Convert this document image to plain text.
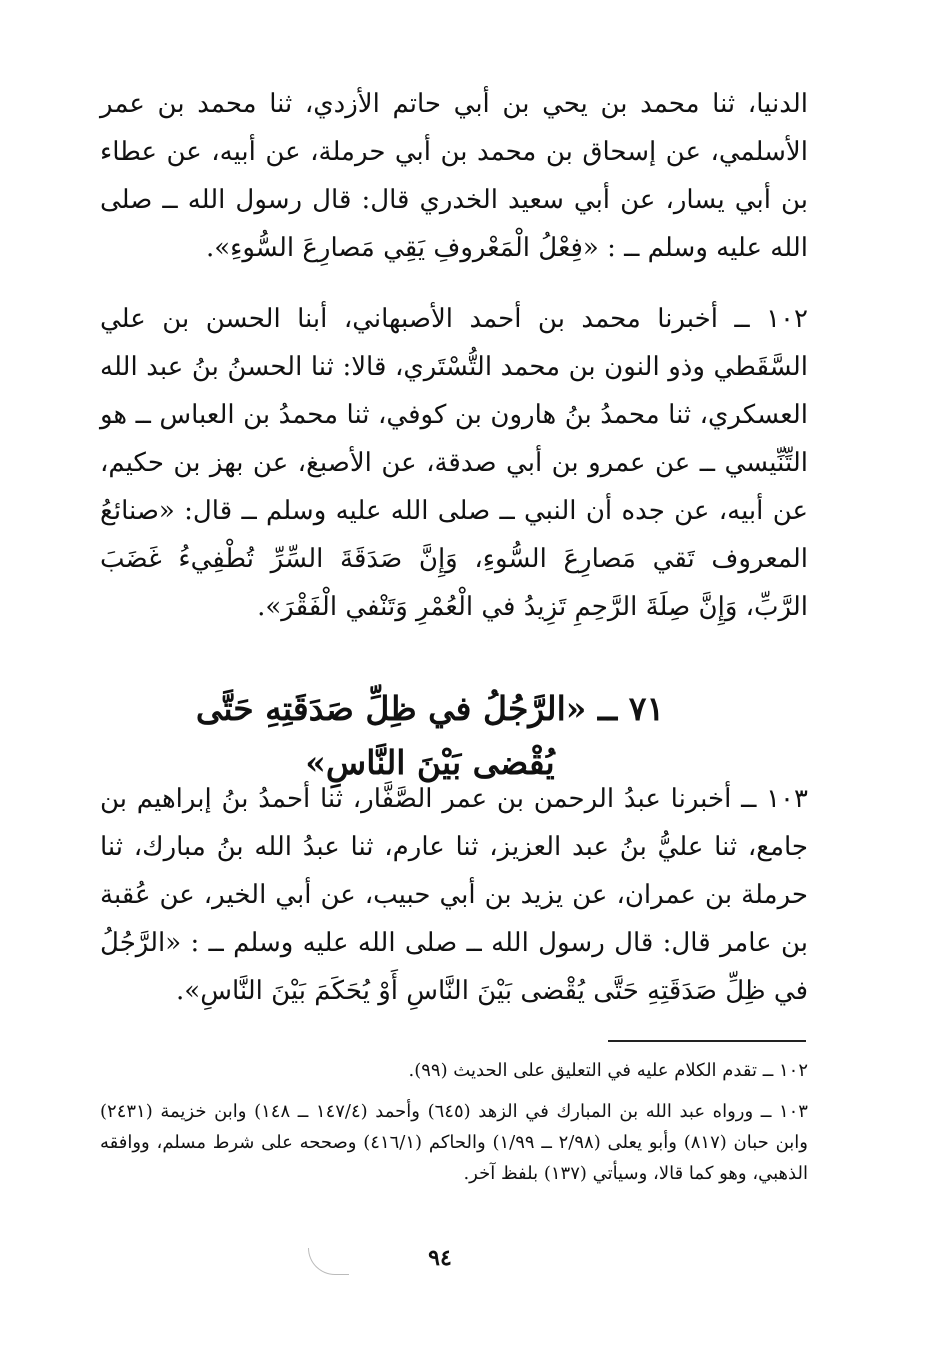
الدنيا، ثنا محمد بن يحي بن أبي حاتم الأزدي، ثنا محمد بن عمر الأسلمي، عن إسحاق بن محمد بن أبي حرملة، عن أبيه، عن عطاء بن أبي يسار، عن أبي سعيد الخدري قال: قال رسول الله ــ صلى الله عليه وسلم ــ : «فِعْلُ الْمَعْروفِ يَقِي مَصارِعَ السُّوءِ».

١٠٢ ــ أخبرنا محمد بن أحمد الأصبهاني، أبنا الحسن بن علي السَّقَطي وذو النون بن محمد التُّسْتَري، قالا: ثنا الحسنُ بنُ عبد الله العسكري، ثنا محمدُ بنُ هارون بن كوفي، ثنا محمدُ بن العباس ــ هو التِّنِّيسي ــ عن عمرو بن أبي صدقة، عن الأصبغ، عن بهز بن حكيم، عن أبيه، عن جده أن النبي ــ صلى الله عليه وسلم ــ قال: «صنائعُ المعروف تَقي مَصارِعَ السُّوءِ، وَإِنَّ صَدَقَةَ السِّرِّ تُطْفِيءُ غَضَبَ الرَّبِّ، وَإِنَّ صِلَةَ الرَّحِمِ تَزِيدُ في الْعُمْرِ وَتَنْفي الْفَقْرَ».

٧١ ــ «الرَّجُلُ في ظِلِّ صَدَقَتِهِ حَتَّى يُقْضى بَيْنَ النَّاسِ»

١٠٣ ــ أخبرنا عبدُ الرحمن بن عمر الصَّفَّار، ثنا أحمدُ بنُ إبراهيم بن جامع، ثنا عليُّ بنُ عبد العزيز، ثنا عارم، ثنا عبدُ الله بنُ مبارك، ثنا حرملة بن عمران، عن يزيد بن أبي حبيب، عن أبي الخير، عن عُقبة بن عامر قال: قال رسول الله ــ صلى الله عليه وسلم ــ : «الرَّجُلُ في ظِلِّ صَدَقَتِهِ حَتَّى يُقْضى بَيْنَ النَّاسِ أَوْ يُحَكَمَ بَيْنَ النَّاسِ».

١٠٢ ــ تقدم الكلام عليه في التعليق على الحديث (٩٩).

١٠٣ ــ ورواه عبد الله بن المبارك في الزهد (٦٤٥) وأحمد (١٤٧/٤ ــ ١٤٨) وابن خزيمة (٢٤٣١) وابن حبان (٨١٧) وأبو يعلى (٢/٩٨ ــ ١/٩٩) والحاكم (٤١٦/١) وصححه على شرط مسلم، ووافقه الذهبي، وهو كما قالا، وسيأتي (١٣٧) بلفظ آخر.

٩٤
